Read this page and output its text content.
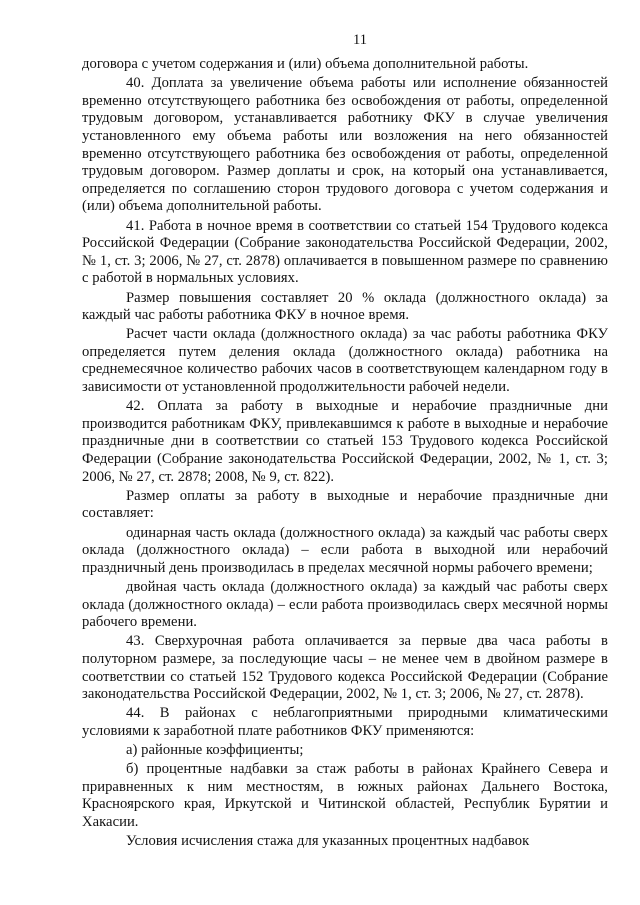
11

договора с учетом содержания и (или) объема дополнительной работы.

40. Доплата за увеличение объема работы или исполнение обязанностей временно отсутствующего работника без освобождения от работы, определенной трудовым договором, устанавливается работнику ФКУ в случае увеличения установленного ему объема работы или возложения на него обязанностей временно отсутствующего работника без освобождения от работы, определенной трудовым договором. Размер доплаты и срок, на который она устанавливается, определяется по соглашению сторон трудового договора с учетом содержания и (или) объема дополнительной работы.

41. Работа в ночное время в соответствии со статьей 154 Трудового кодекса Российской Федерации (Собрание законодательства Российской Федерации, 2002, № 1, ст. 3; 2006, № 27, ст. 2878) оплачивается в повышенном размере по сравнению с работой в нормальных условиях.

Размер повышения составляет 20 % оклада (должностного оклада) за каждый час работы работника ФКУ в ночное время.

Расчет части оклада (должностного оклада) за час работы работника ФКУ определяется путем деления оклада (должностного оклада) работника на среднемесячное количество рабочих часов в соответствующем календарном году в зависимости от установленной продолжительности рабочей недели.

42. Оплата за работу в выходные и нерабочие праздничные дни производится работникам ФКУ, привлекавшимся к работе в выходные и нерабочие праздничные дни в соответствии со статьей 153 Трудового кодекса Российской Федерации (Собрание законодательства Российской Федерации, 2002, № 1, ст. 3; 2006, № 27, ст. 2878; 2008, № 9, ст. 822).

Размер оплаты за работу в выходные и нерабочие праздничные дни составляет:

одинарная часть оклада (должностного оклада) за каждый час работы сверх оклада (должностного оклада) – если работа в выходной или нерабочий праздничный день производилась в пределах месячной нормы рабочего времени;

двойная часть оклада (должностного оклада) за каждый час работы сверх оклада (должностного оклада) – если работа производилась сверх месячной нормы рабочего времени.

43. Сверхурочная работа оплачивается за первые два часа работы в полуторном размере, за последующие часы – не менее чем в двойном размере в соответствии со статьей 152 Трудового кодекса Российской Федерации (Собрание законодательства Российской Федерации, 2002, № 1, ст. 3; 2006, № 27, ст. 2878).

44. В районах с неблагоприятными природными климатическими условиями к заработной плате работников ФКУ применяются:

а) районные коэффициенты;

б) процентные надбавки за стаж работы в районах Крайнего Севера и приравненных к ним местностям, в южных районах Дальнего Востока, Красноярского края, Иркутской и Читинской областей, Республик Бурятии и Хакасии.

Условия исчисления стажа для указанных процентных надбавок
